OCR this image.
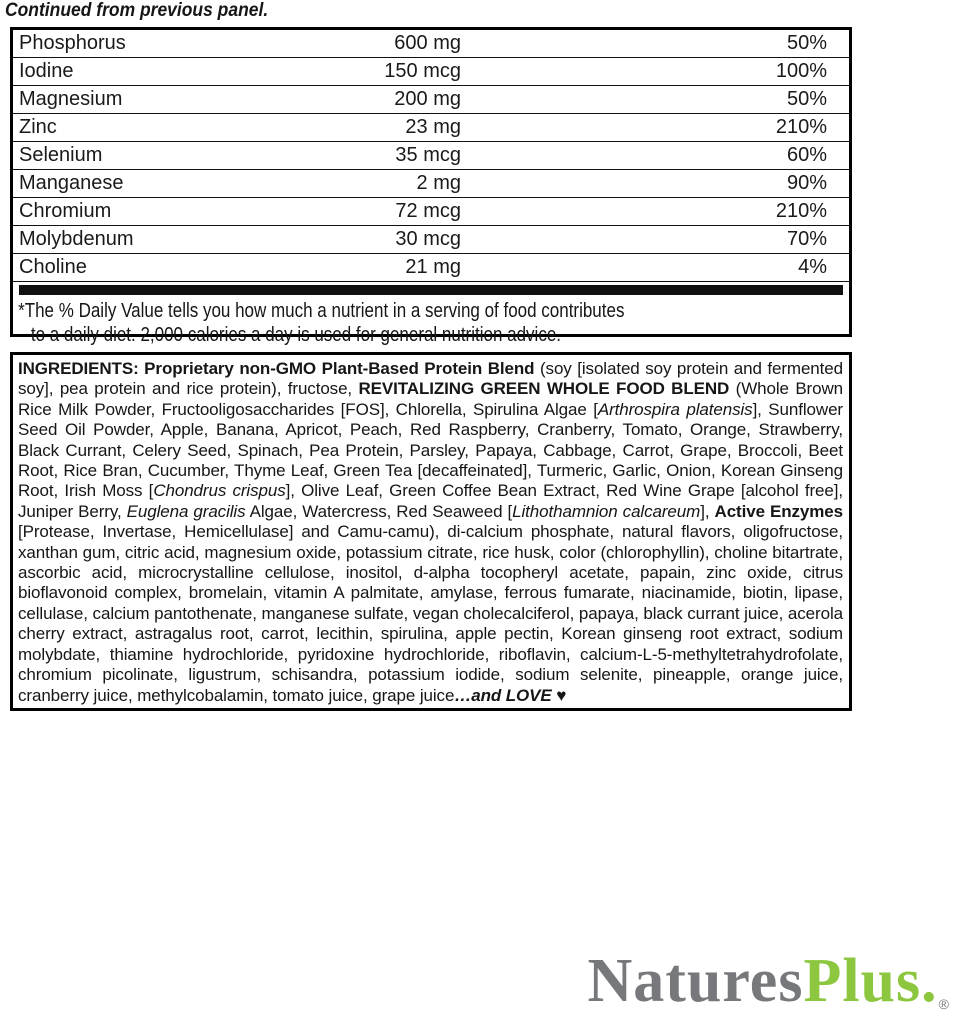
Continued from previous panel.
Phosphorus	600 mg	50%
Iodine	150 mcg	100%
Magnesium	200 mg	50%
Zinc	23 mg	210%
Selenium	35 mcg	60%
Manganese	2 mg	90%
Chromium	72 mcg	210%
Molybdenum	30 mcg	70%
Choline	21 mg	4%
*The % Daily Value tells you how much a nutrient in a serving of food contributes
to a daily diet. 2,000 calories a day is used for general nutrition advice.

INGREDIENTS: Proprietary non-GMO Plant-Based Protein Blend (soy [isolated soy protein and fermented soy], pea protein and rice protein), fructose, REVITALIZING GREEN WHOLE FOOD BLEND (Whole Brown Rice Milk Powder, Fructooligosaccharides [FOS], Chlorella, Spirulina Algae [Arthrospira platensis], Sunflower Seed Oil Powder, Apple, Banana, Apricot, Peach, Red Raspberry, Cranberry, Tomato, Orange, Strawberry, Black Currant, Celery Seed, Spinach, Pea Protein, Parsley, Papaya, Cabbage, Carrot, Grape, Broccoli, Beet Root, Rice Bran, Cucumber, Thyme Leaf, Green Tea [decaffeinated], Turmeric, Garlic, Onion, Korean Ginseng Root, Irish Moss [Chondrus crispus], Olive Leaf, Green Coffee Bean Extract, Red Wine Grape [alcohol free], Juniper Berry, Euglena gracilis Algae, Watercress, Red Seaweed [Lithothamnion calcareum], Active Enzymes [Protease, Invertase, Hemicellulase] and Camu-camu), di-calcium phosphate, natural flavors, oligofructose, xanthan gum, citric acid, magnesium oxide, potassium citrate, rice husk, color (chlorophyllin), choline bitartrate, ascorbic acid, microcrystalline cellulose, inositol, d-alpha tocopheryl acetate, papain, zinc oxide, citrus bioflavonoid complex, bromelain, vitamin A palmitate, amylase, ferrous fumarate, niacinamide, biotin, lipase, cellulase, calcium pantothenate, manganese sulfate, vegan cholecalciferol, papaya, black currant juice, acerola cherry extract, astragalus root, carrot, lecithin, spirulina, apple pectin, Korean ginseng root extract, sodium molybdate, thiamine hydrochloride, pyridoxine hydrochloride, riboflavin, calcium-L-5-methyltetrahydrofolate, chromium picolinate, ligustrum, schisandra, potassium iodide, sodium selenite, pineapple, orange juice, cranberry juice, methylcobalamin, tomato juice, grape juice…and LOVE ♥

NaturesPlus.®
